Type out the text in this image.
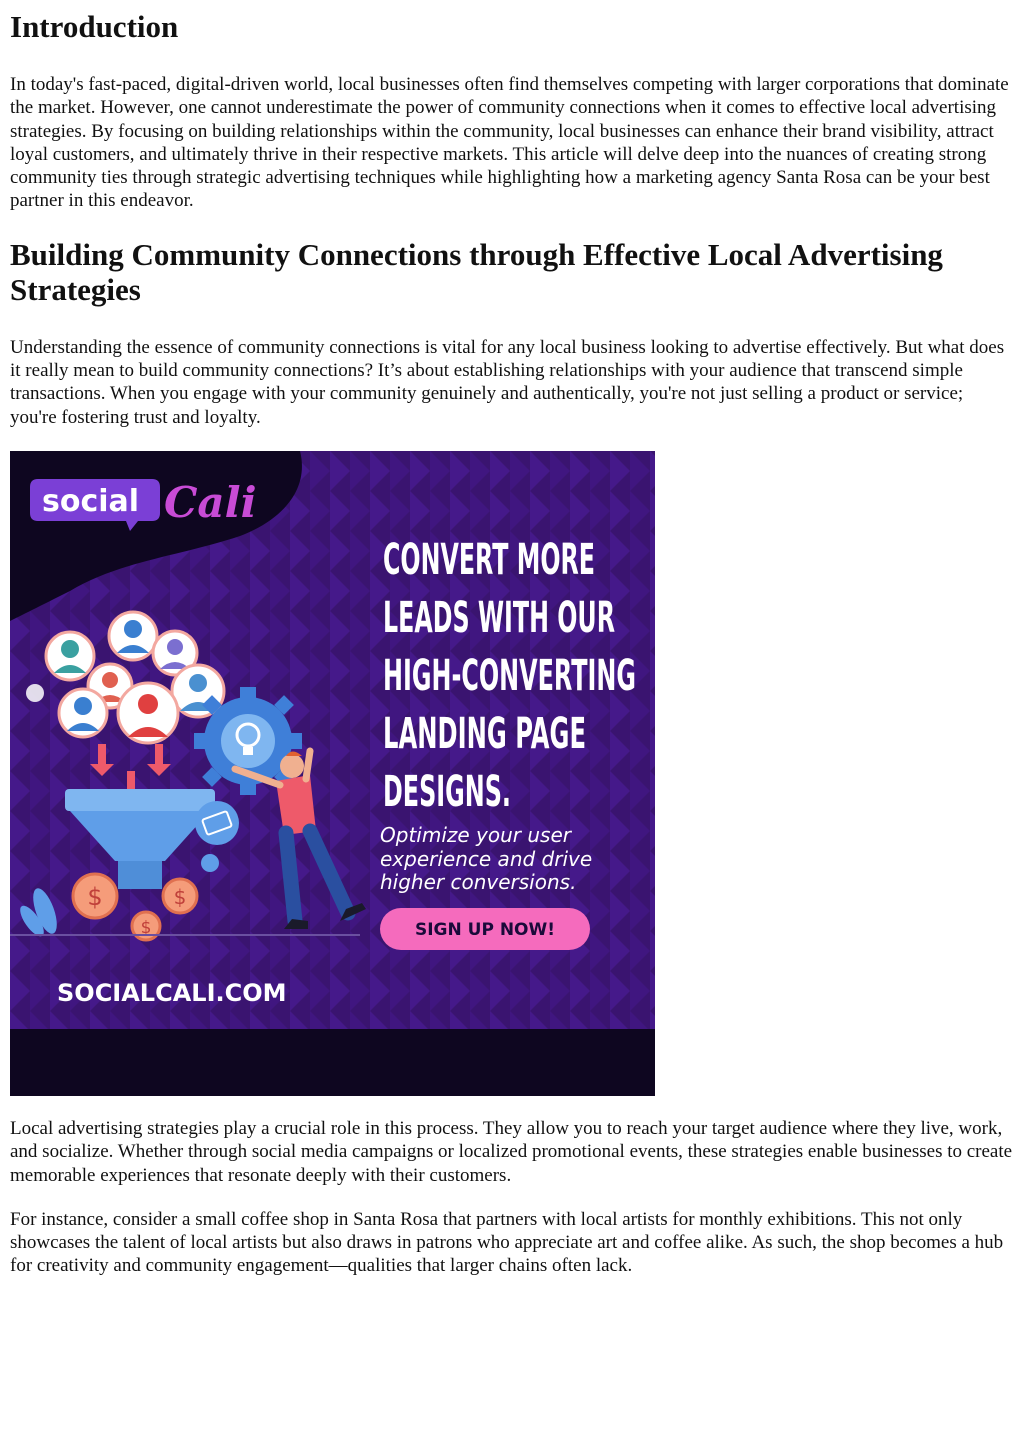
Introduction

In today's fast-paced, digital-driven world, local businesses often find themselves competing with larger corporations that dominate the market. However, one cannot underestimate the power of community connections when it comes to effective local advertising strategies. By focusing on building relationships within the community, local businesses can enhance their brand visibility, attract loyal customers, and ultimately thrive in their respective markets. This article will delve deep into the nuances of creating strong community ties through strategic advertising techniques while highlighting how a marketing agency Santa Rosa can be your best partner in this endeavor.

Building Community Connections through Effective Local Advertising Strategies

Understanding the essence of community connections is vital for any local business looking to advertise effectively. But what does it really mean to build community connections? It’s about establishing relationships with your audience that transcend simple transactions. When you engage with your community genuinely and authentically, you're not just selling a product or service; you're fostering trust and loyalty.

social Cali
$	$
$
CONVERT MORE
LEADS WITH OUR
HIGH-CONVERTING
LANDING PAGE
DESIGNS.
Optimize your user
experience and drive
higher conversions.
SIGN UP NOW!
SOCIALCALI.COM

Local advertising strategies play a crucial role in this process. They allow you to reach your target audience where they live, work, and socialize. Whether through social media campaigns or localized promotional events, these strategies enable businesses to create memorable experiences that resonate deeply with their customers.

For instance, consider a small coffee shop in Santa Rosa that partners with local artists for monthly exhibitions. This not only showcases the talent of local artists but also draws in patrons who appreciate art and coffee alike. As such, the shop becomes a hub for creativity and community engagement—qualities that larger chains often lack.
